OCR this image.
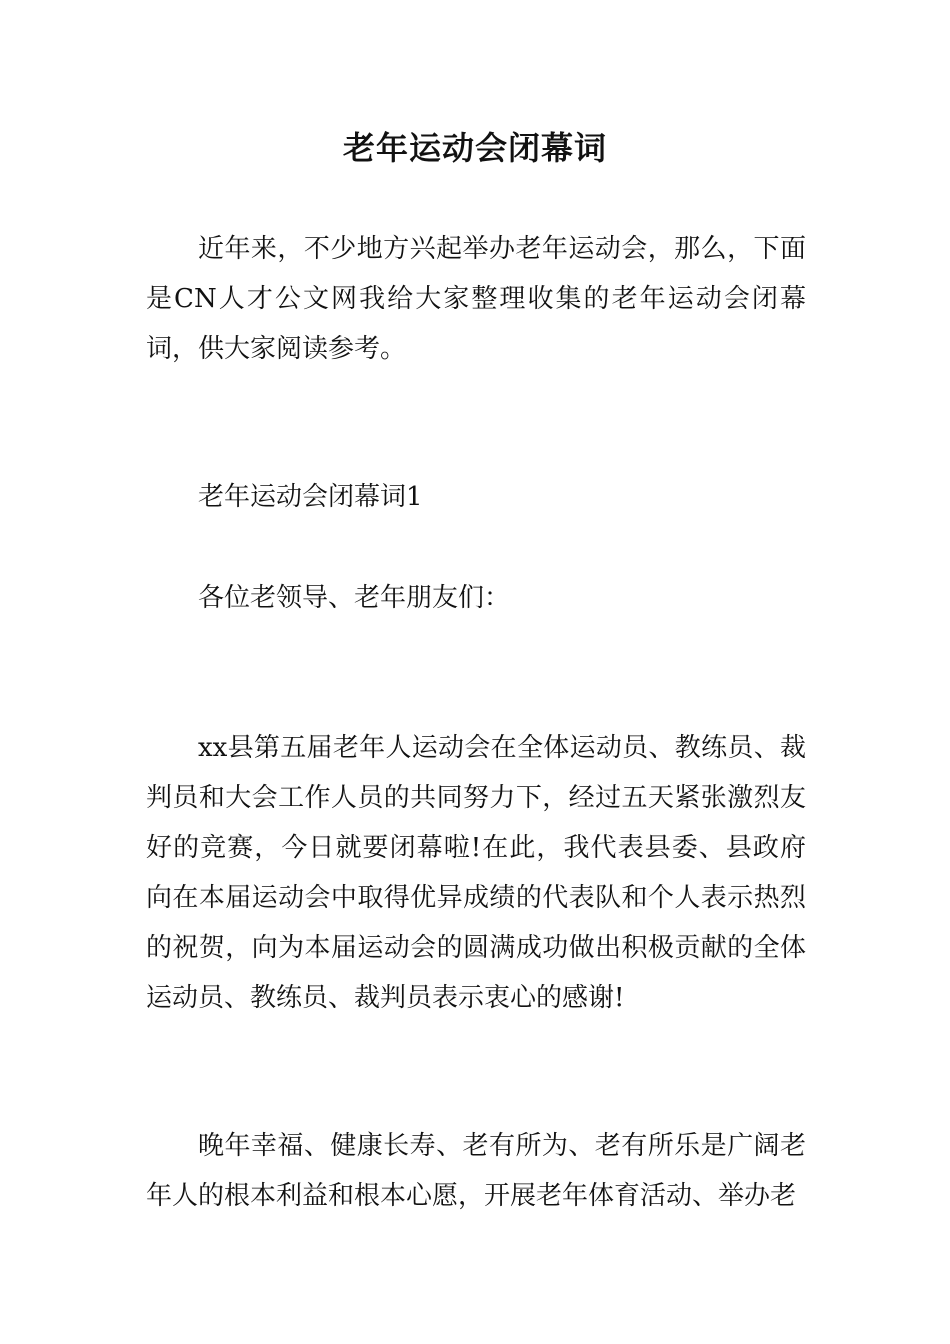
老年运动会闭幕词

近年来，不少地方兴起举办老年运动会，那么，下面是CN人才公文网我给大家整理收集的老年运动会闭幕词，供大家阅读参考。

老年运动会闭幕词1

各位老领导、老年朋友们：

xx县第五届老年人运动会在全体运动员、教练员、裁判员和大会工作人员的共同努力下，经过五天紧张激烈友好的竞赛，今日就要闭幕啦!在此，我代表县委、县政府向在本届运动会中取得优异成绩的代表队和个人表示热烈的祝贺，向为本届运动会的圆满成功做出积极贡献的全体运动员、教练员、裁判员表示衷心的感谢!

晚年幸福、健康长寿、老有所为、老有所乐是广阔老年人的根本利益和根本心愿，开展老年体育活动、举办老
